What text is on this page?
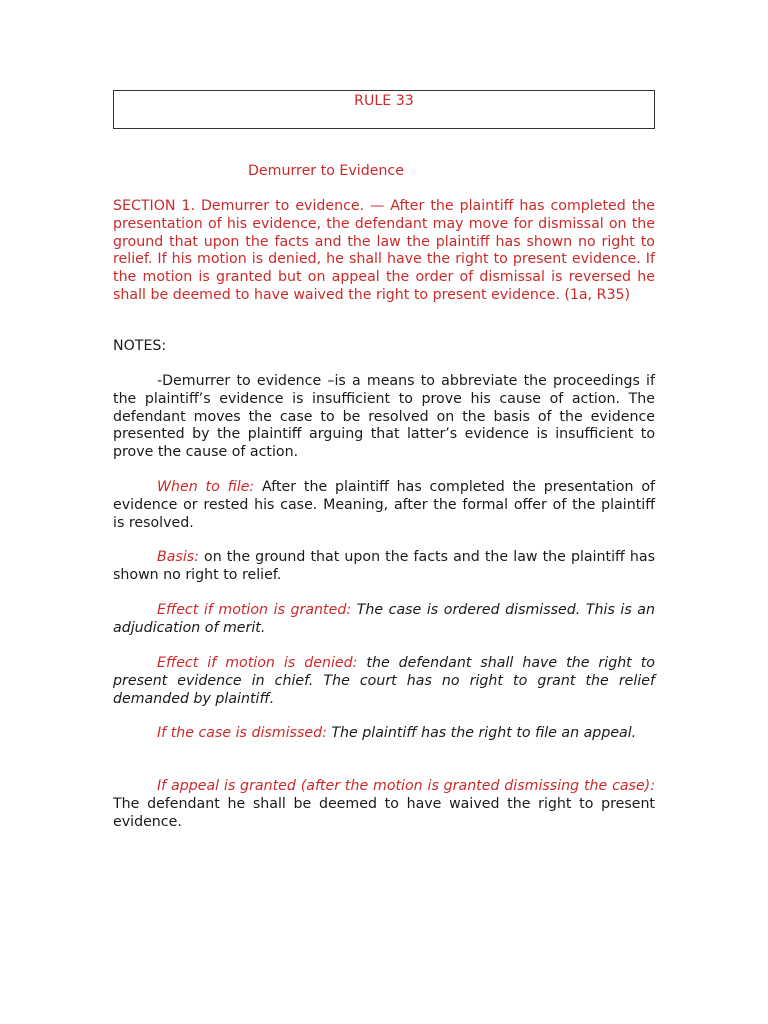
RULE 33
Demurrer to Evidence

SECTION 1. Demurrer to evidence. — After the plaintiff has completed the presentation of his evidence, the defendant may move for dismissal on the ground that upon the facts and the law the plaintiff has shown no right to relief. If his motion is denied, he shall have the right to present evidence. If the motion is granted but on appeal the order of dismissal is reversed he shall be deemed to have waived the right to present evidence. (1a, R35)

NOTES:

-Demurrer to evidence –is a means to abbreviate the proceedings if the plaintiff’s evidence is insufficient to prove his cause of action. The defendant moves the case to be resolved on the basis of the evidence presented by the plaintiff arguing that latter’s evidence is insufficient to prove the cause of action.

When to file: After the plaintiff has completed the presentation of evidence or rested his case. Meaning, after the formal offer of the plaintiff is resolved.

Basis: on the ground that upon the facts and the law the plaintiff has shown no right to relief.

Effect if motion is granted: The case is ordered dismissed. This is an adjudication of merit.

Effect if motion is denied: the defendant shall have the right to present evidence in chief. The court has no right to grant the relief demanded by plaintiff.

If the case is dismissed: The plaintiff has the right to file an appeal.

If appeal is granted (after the motion is granted dismissing the case): The defendant he shall be deemed to have waived the right to present evidence.
